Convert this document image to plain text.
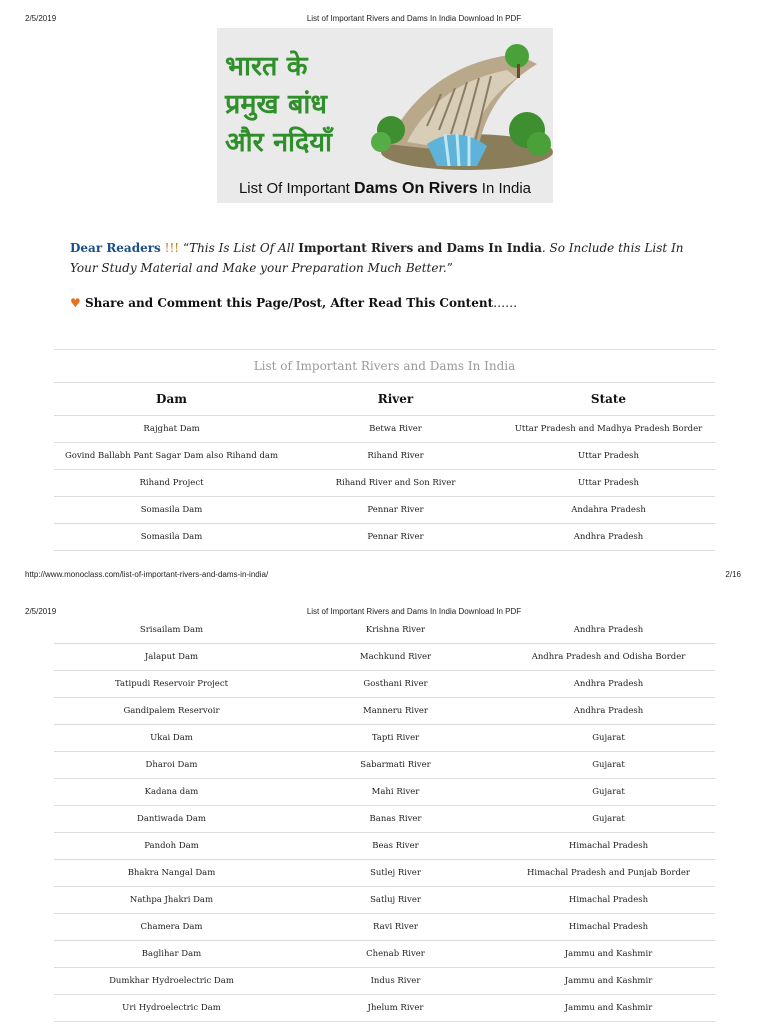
2/5/2019	List of Important Rivers and Dams In India Download In PDF
भारत के
प्रमुख बांध
और नदियाँ
List Of Important Dams On Rivers In India
Dear Readers !!! “This Is List Of All Important Rivers and Dams In India. So Include this List In Your Study Material and Make your Preparation Much Better.”
♥ Share and Comment this Page/Post, After Read This Content……
List of Important Rivers and Dams In India
Dam	River	State
Rajghat Dam	Betwa River	Uttar Pradesh and Madhya Pradesh Border
Govind Ballabh Pant Sagar Dam also Rihand dam	Rihand River	Uttar Pradesh
Rihand Project	Rihand River and Son River	Uttar Pradesh
Somasila Dam	Pennar River	Andahra Pradesh
Somasila Dam	Pennar River	Andhra Pradesh
http://www.monoclass.com/list-of-important-rivers-and-dams-in-india/	2/16
2/5/2019	List of Important Rivers and Dams In India Download In PDF
Srisailam Dam	Krishna River	Andhra Pradesh
Jalaput Dam	Machkund River	Andhra Pradesh and Odisha Border
Tatipudi Reservoir Project	Gosthani River	Andhra Pradesh
Gandipalem Reservoir	Manneru River	Andhra Pradesh
Ukai Dam	Tapti River	Gujarat
Dharoi Dam	Sabarmati River	Gujarat
Kadana dam	Mahi River	Gujarat
Dantiwada Dam	Banas River	Gujarat
Pandoh Dam	Beas River	Himachal Pradesh
Bhakra Nangal Dam	Sutlej River	Himachal Pradesh and Punjab Border
Nathpa Jhakri Dam	Satluj River	Himachal Pradesh
Chamera Dam	Ravi River	Himachal Pradesh
Baglihar Dam	Chenab River	Jammu and Kashmir
Dumkhar Hydroelectric Dam	Indus River	Jammu and Kashmir
Uri Hydroelectric Dam	Jhelum River	Jammu and Kashmir
